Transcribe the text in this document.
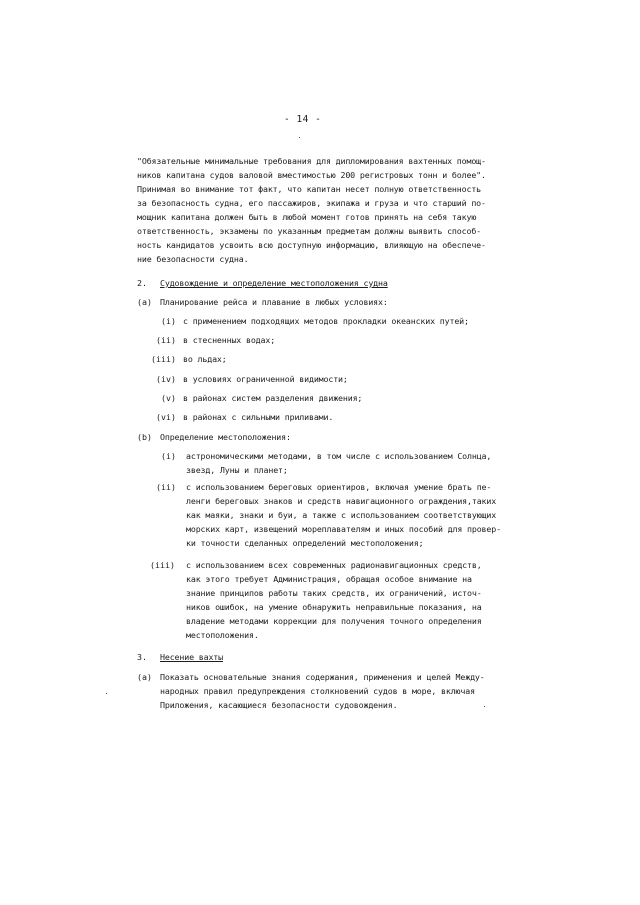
- 14 -
"Обязательные минимальные требования для дипломирования вахтенных помощ-
ников капитана судов валовой вместимостью 200 регистровых тонн и более".
Принимая во внимание тот факт, что капитан несет полную ответственность
за безопасность судна, его пассажиров, экипажа и груза и что старший по-
мощник капитана должен быть в любой момент готов принять на себя такую
ответственность, экзамены по указанным предметам должны выявить способ-
ность кандидатов усвоить всю доступную информацию, влияющую на обеспече-
ние безопасности судна.
2. Судовождение и определение местоположения судна
(a) Планирование рейса и плавание в любых условиях:
(i) с применением подходящих методов прокладки океанских путей;
(ii) в стесненных водах;
(iii) во льдах;
(iv) в условиях ограниченной видимости;
(v) в районах систем разделения движения;
(vi) в районах с сильными приливами.
(b) Определение местоположения:
(i) астрономическими методами, в том числе с использованием Солнца,
звезд, Луны и планет;
(ii) с использованием береговых ориентиров, включая умение брать пе-
ленги береговых знаков и средств навигационного ограждения,таких
как маяки, знаки и буи, а также с использованием соответствующих
морских карт, извещений мореплавателям и иных пособий для провер-
ки точности сделанных определений местоположения;
(iii) с использованием всех современных радионавигационных средств,
как этого требует Администрация, обращая особое внимание на
знание принципов работы таких средств, их ограничений, источ-
ников ошибок, на умение обнаружить неправильные показания, на
владение методами коррекции для получения точного определения
местоположения.
3. Несение вахты
(a) Показать основательные знания содержания, применения и целей Между-
народных правил предупреждения столкновений судов в море, включая
Приложения, касающиеся безопасности судовождения.
